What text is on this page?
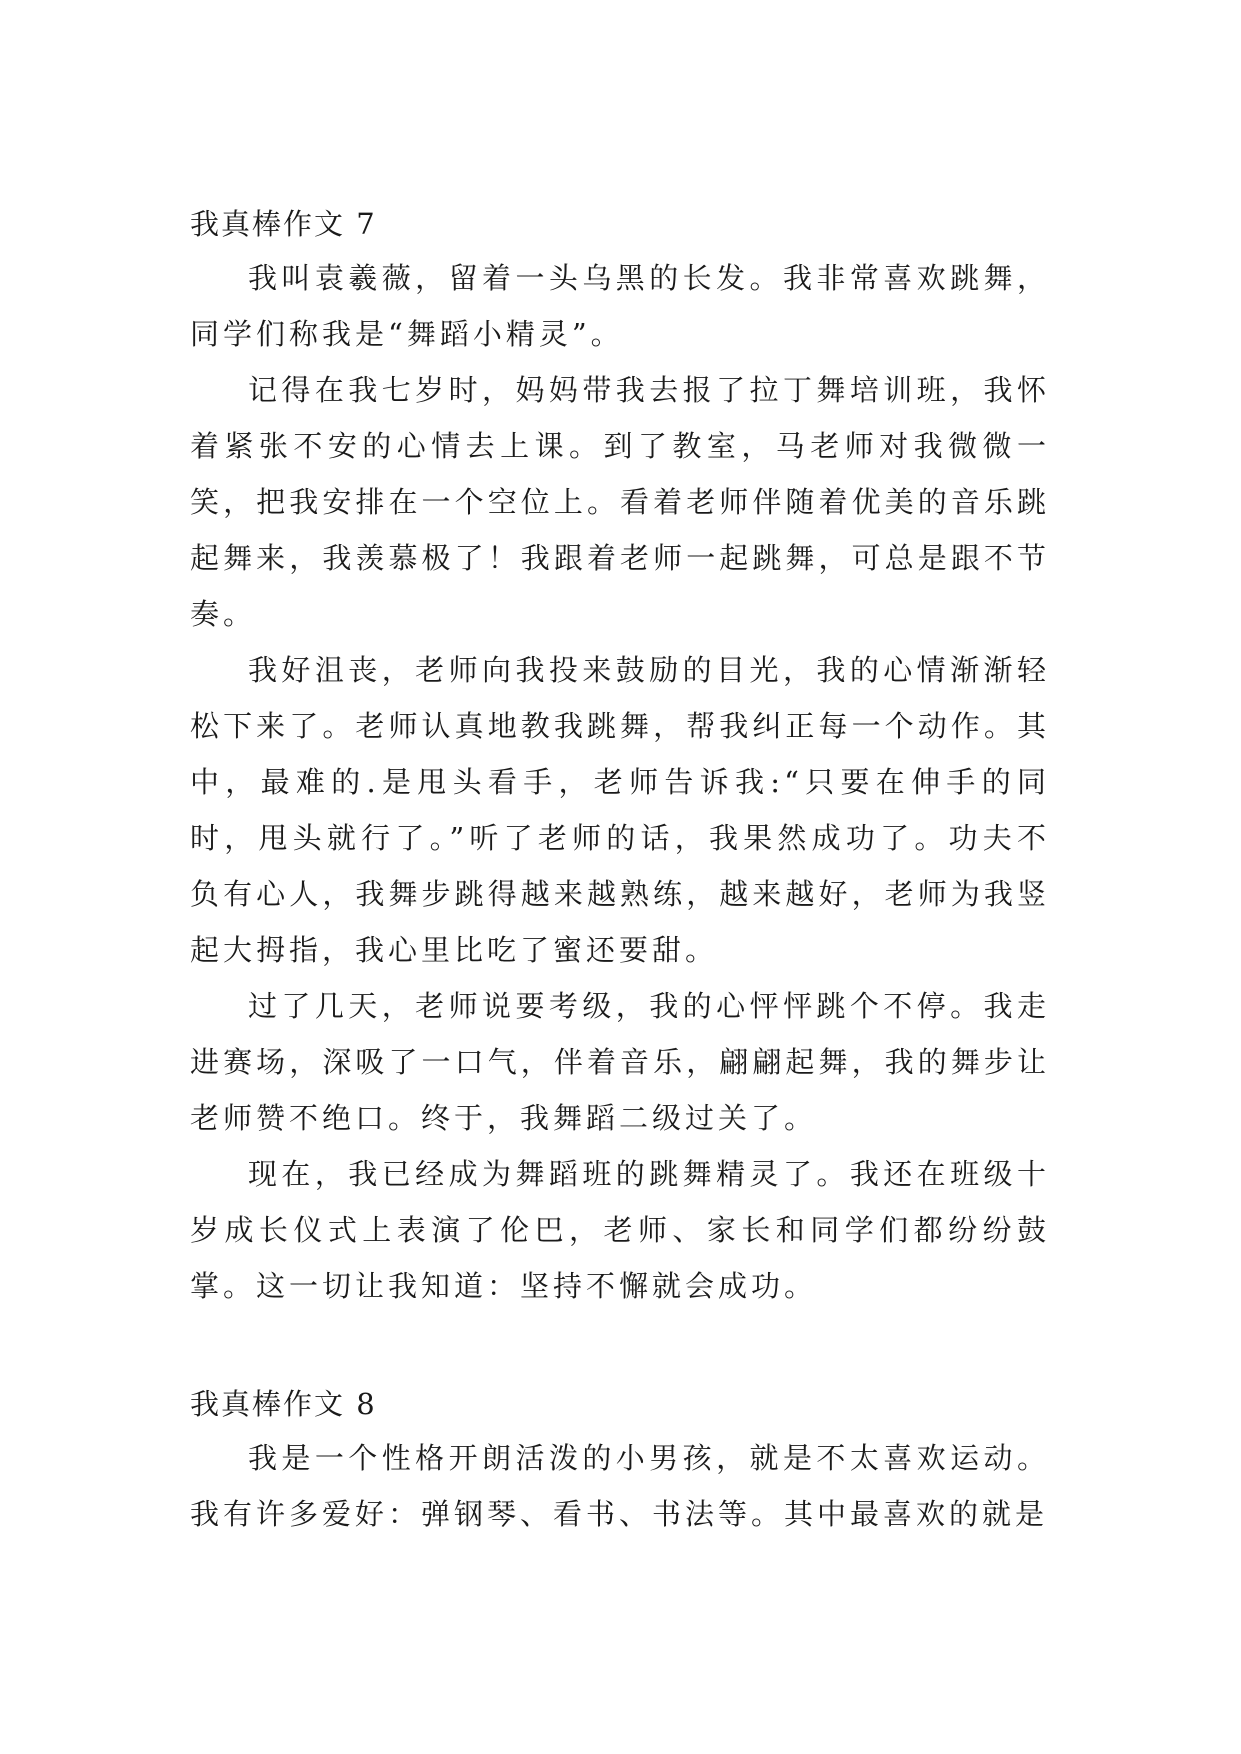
我真棒作文 7

我叫袁羲薇，留着一头乌黑的长发。我非常喜欢跳舞，同学们称我是“舞蹈小精灵”。

记得在我七岁时，妈妈带我去报了拉丁舞培训班，我怀着紧张不安的心情去上课。到了教室，马老师对我微微一笑，把我安排在一个空位上。看着老师伴随着优美的音乐跳起舞来，我羡慕极了！我跟着老师一起跳舞，可总是跟不节奏。

我好沮丧，老师向我投来鼓励的目光，我的心情渐渐轻松下来了。老师认真地教我跳舞，帮我纠正每一个动作。其中，最难的.是甩头看手，老师告诉我:“只要在伸手的同时，甩头就行了。”听了老师的话，我果然成功了。功夫不负有心人，我舞步跳得越来越熟练，越来越好，老师为我竖起大拇指，我心里比吃了蜜还要甜。

过了几天，老师说要考级，我的心怦怦跳个不停。我走进赛场，深吸了一口气，伴着音乐，翩翩起舞，我的舞步让老师赞不绝口。终于，我舞蹈二级过关了。

现在，我已经成为舞蹈班的跳舞精灵了。我还在班级十岁成长仪式上表演了伦巴，老师、家长和同学们都纷纷鼓掌。这一切让我知道：坚持不懈就会成功。

我真棒作文 8

我是一个性格开朗活泼的小男孩，就是不太喜欢运动。我有许多爱好：弹钢琴、看书、书法等。其中最喜欢的就是
